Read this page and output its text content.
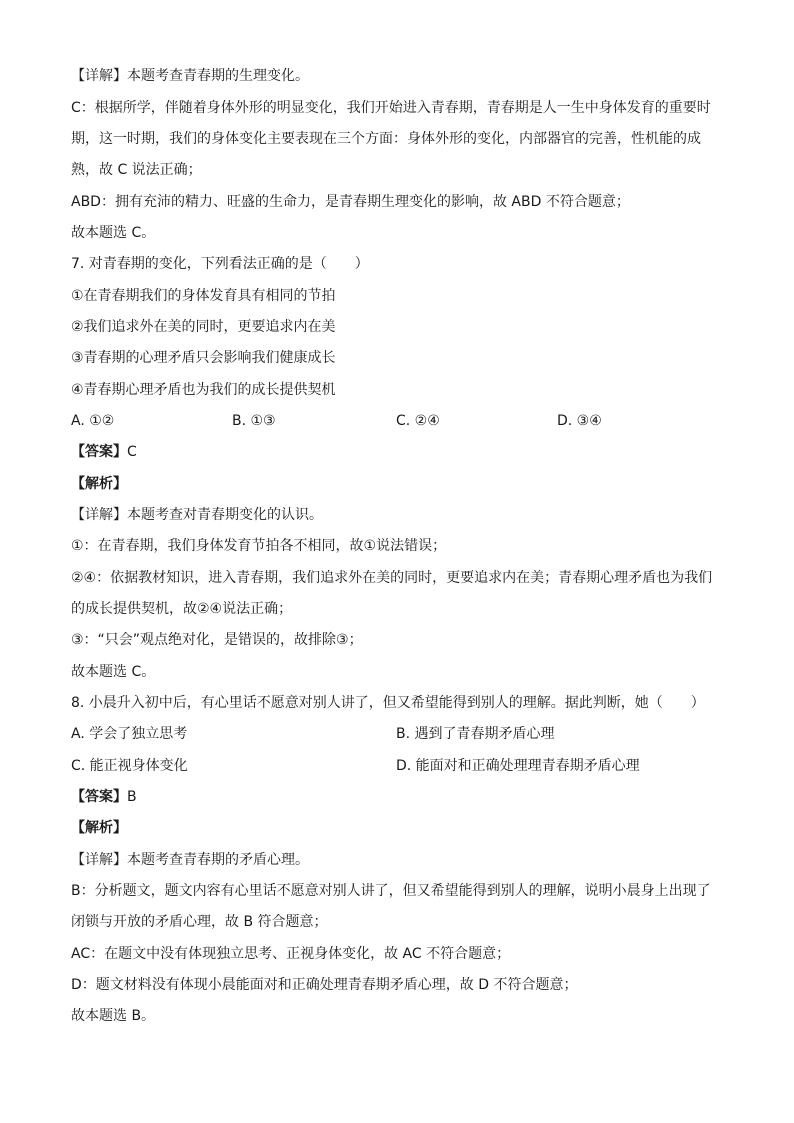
【详解】本题考查青春期的生理变化。
C：根据所学，伴随着身体外形的明显变化，我们开始进入青春期，青春期是人一生中身体发育的重要时
期，这一时期，我们的身体变化主要表现在三个方面：身体外形的变化，内部器官的完善，性机能的成
熟，故 C 说法正确；
ABD：拥有充沛的精力、旺盛的生命力，是青春期生理变化的影响，故 ABD 不符合题意；
故本题选 C。
7. 对青春期的变化，下列看法正确的是（　　）
①在青春期我们的身体发育具有相同的节拍
②我们追求外在美的同时，更要追求内在美
③青春期的心理矛盾只会影响我们健康成长
④青春期心理矛盾也为我们的成长提供契机
A. ①②	B. ①③	C. ②④	D. ③④
【答案】C
【解析】
【详解】本题考查对青春期变化的认识。
①：在青春期，我们身体发育节拍各不相同，故①说法错误；
②④：依据教材知识，进入青春期，我们追求外在美的同时，更要追求内在美；青春期心理矛盾也为我们
的成长提供契机，故②④说法正确；
③：“只会”观点绝对化，是错误的，故排除③；
故本题选 C。
8. 小晨升入初中后，有心里话不愿意对别人讲了，但又希望能得到别人的理解。据此判断，她（　　）
A. 学会了独立思考	B. 遇到了青春期矛盾心理
C. 能正视身体变化	D. 能面对和正确处理理青春期矛盾心理
【答案】B
【解析】
【详解】本题考查青春期的矛盾心理。
B：分析题文，题文内容有心里话不愿意对别人讲了，但又希望能得到别人的理解，说明小晨身上出现了
闭锁与开放的矛盾心理，故 B 符合题意；
AC：在题文中没有体现独立思考、正视身体变化，故 AC 不符合题意；
D：题文材料没有体现小晨能面对和正确处理青春期矛盾心理，故 D 不符合题意；
故本题选 B。
